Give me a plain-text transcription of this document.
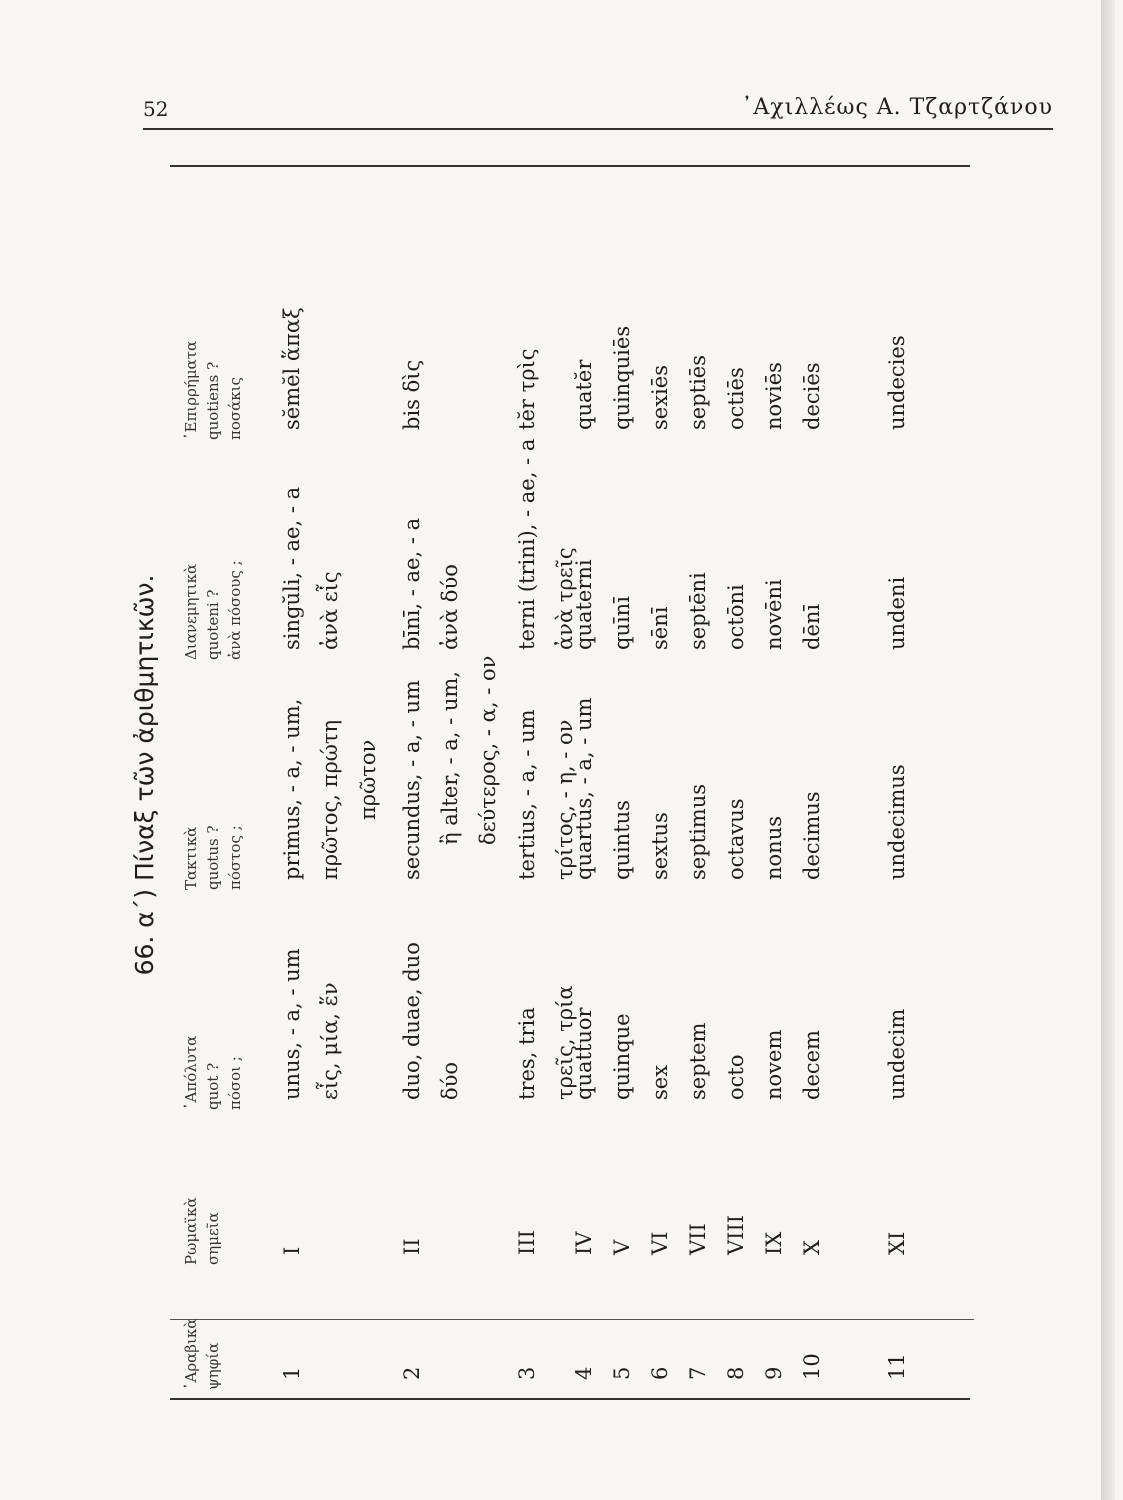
52	᾿Αχιλλέως Α. Τζαρτζάνου
66. α΄) Πίναξ τῶν ἀριθμητικῶν.
᾿Αραβικὰ ψηφία
Ρωμαϊκὰ σημεῖα
᾿Απόλυτα quot ? πόσοι ;
Τακτικὰ quotus ? πόστος ;
Διανεμητικὰ quoteni ? ἀνὰ πόσους ;
᾿Επιρρήματα quotiens ? ποσάκις
1
I
unus, - a, - um εἷς, μία, ἕν
primus, - a, - um, πρῶτος, πρώτη πρῶτον
singŭli, - ae, - a ἀνὰ εἷς
sĕmĕl ἅπαξ
2
II
duo, duae, duo δύο
secundus, - a, - um ἢ alter, - a, - um, δεύτερος, - α, - ον
bīnī, - ae, - a ἀνὰ δύο
bis δὶς
3
III
tres, tria τρεῖς, τρία
tertius, - a, - um τρίτος, - η, - ον
terni (trini), - ae, - a ἀνὰ τρεῖς
tĕr τρὶς
4
IV
quattuor
quartus, - a, - um
quaterni
quatĕr
5
V
quinque
quintus
quīnī
quinquiēs
6
VI
sex
sextus
sēnī
sexiēs
7
VII
septem
septimus
septēni
septiēs
8
VIII
octo
octavus
octōni
octiēs
9
IX
novem
nonus
novēni
noviēs
10
X
decem
decimus
dēnī
deciēs
11
XI
undecim
undecimus
undeni
undecies
